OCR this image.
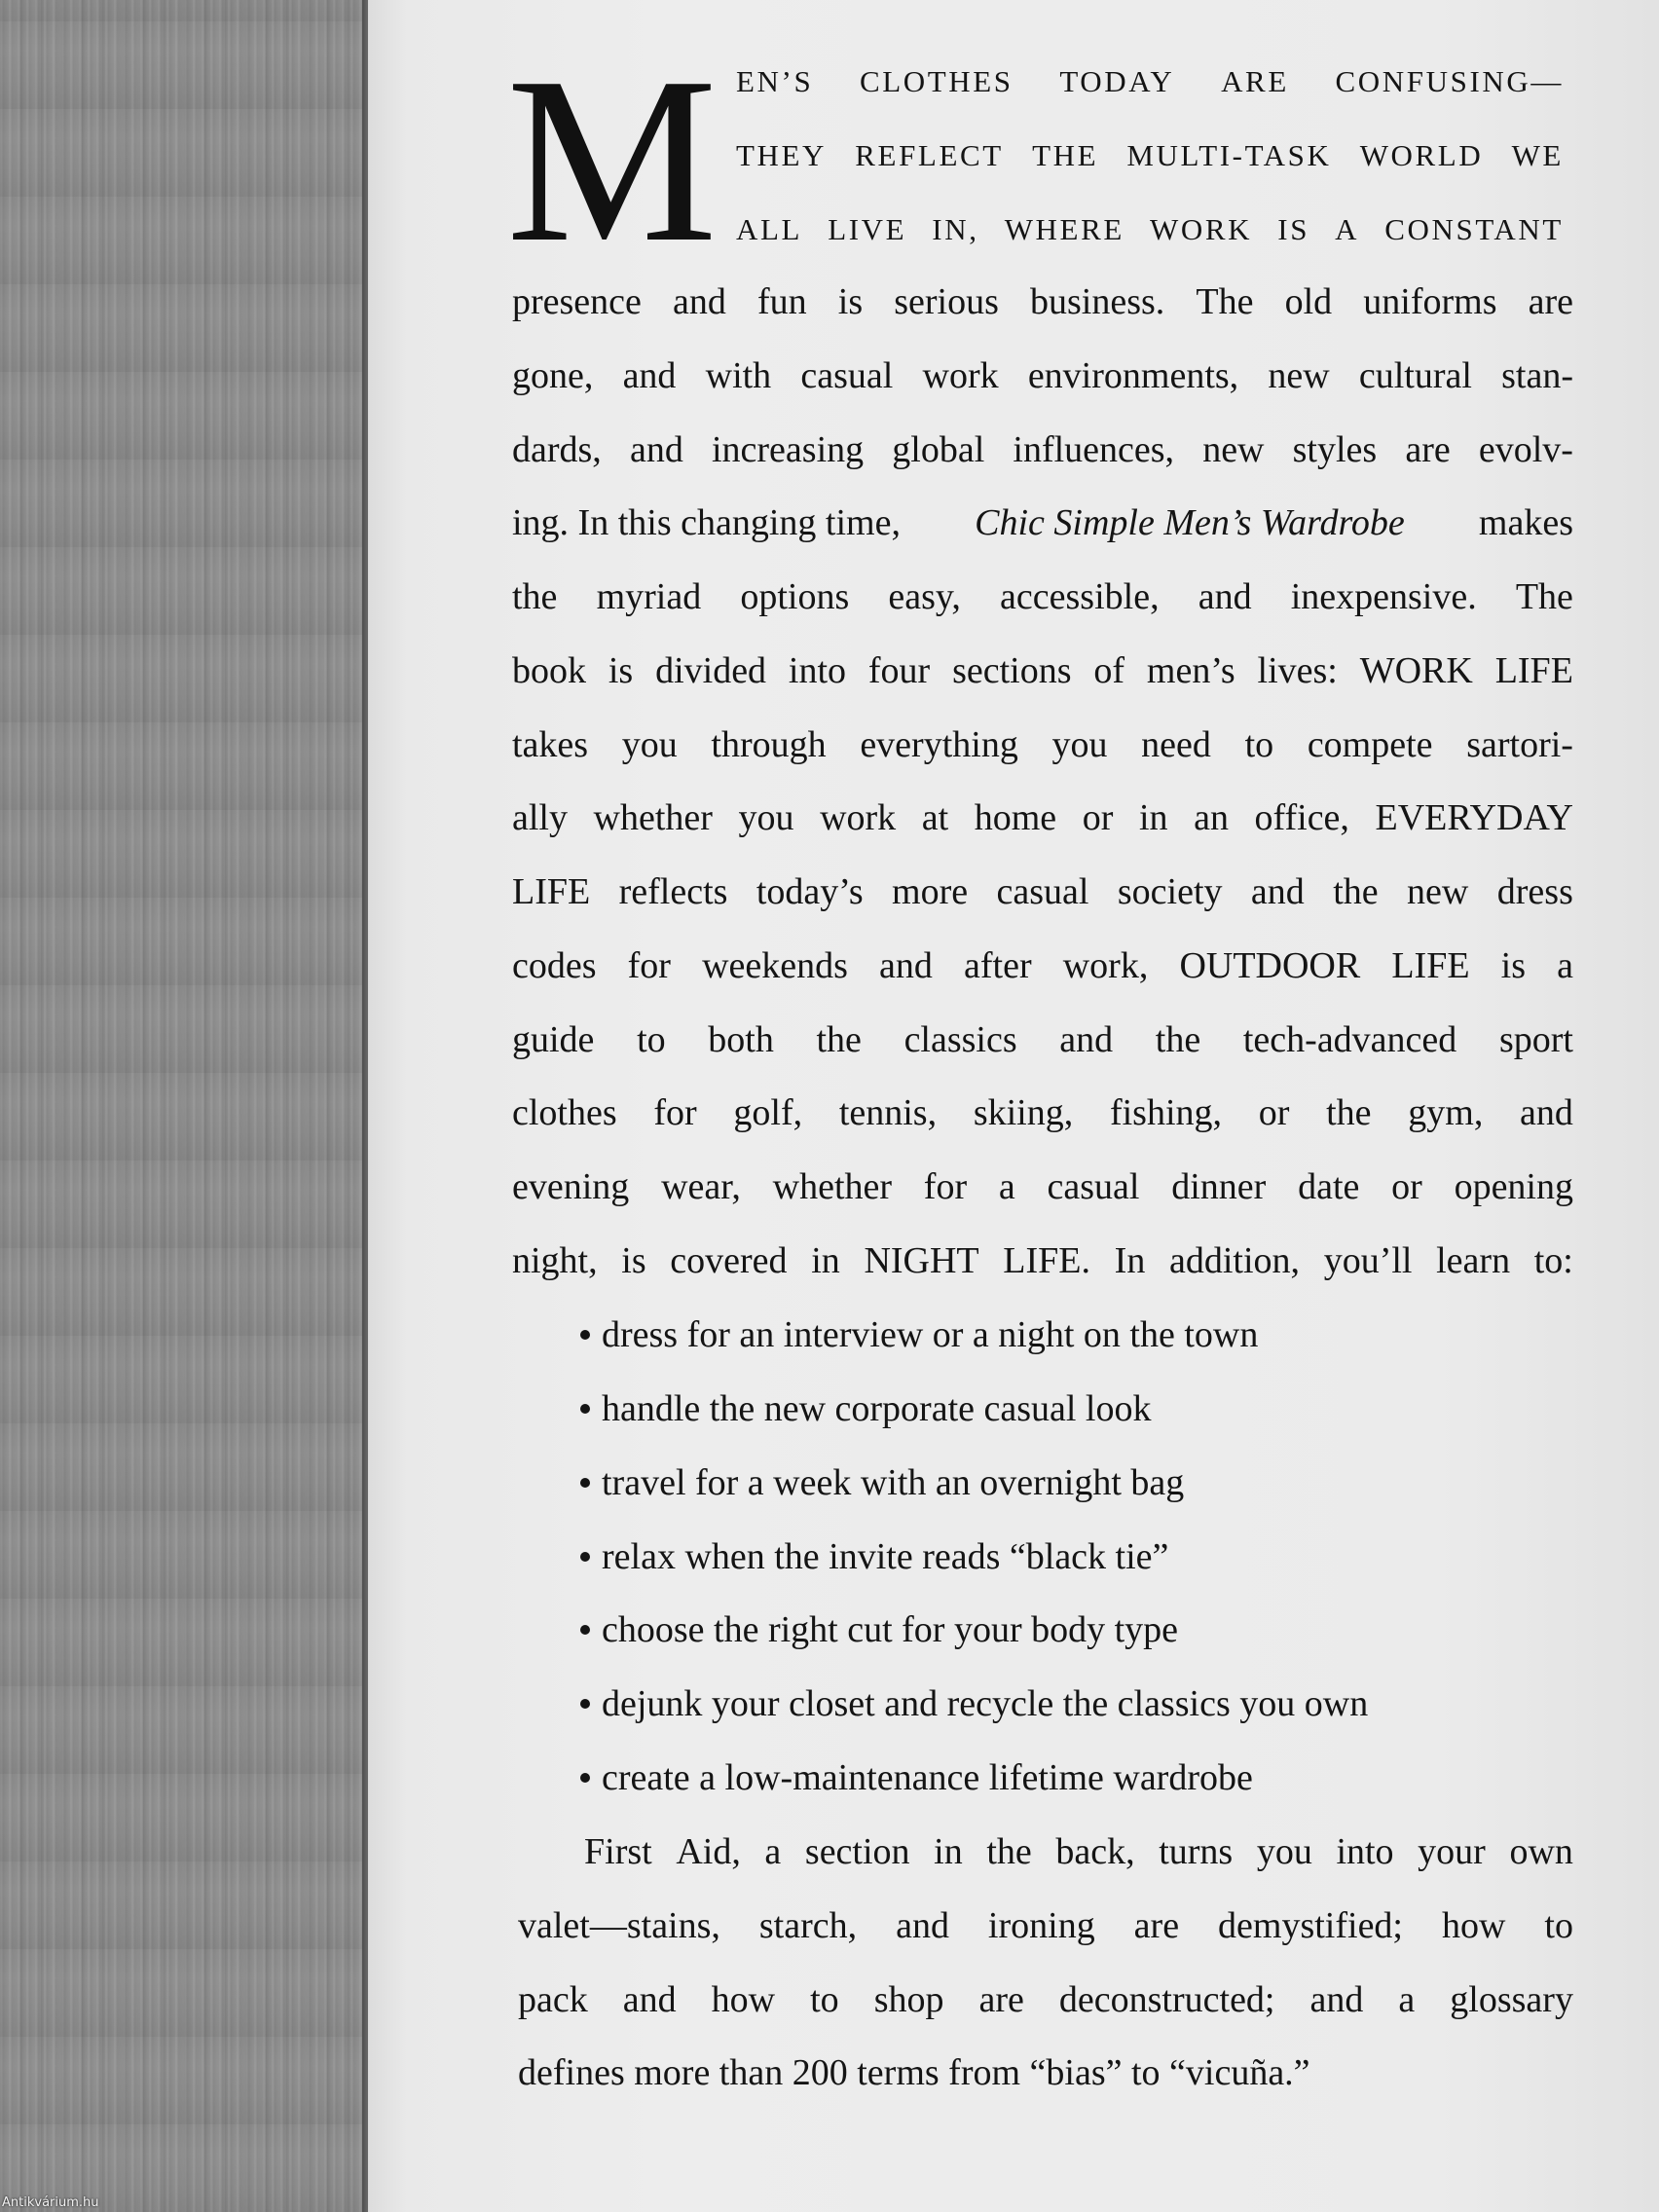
M EN’S CLOTHES TODAY ARE CONFUSING—
THEY REFLECT THE MULTI-TASK WORLD WE
ALL LIVE IN, WHERE WORK IS A CONSTANT
presence and fun is serious business. The old uniforms are
gone, and with casual work environments, new cultural stan-
dards, and increasing global influences, new styles are evolv-
ing. In this changing time, Chic Simple Men’s Wardrobe makes
the myriad options easy, accessible, and inexpensive. The
book is divided into four sections of men’s lives: WORK LIFE
takes you through everything you need to compete sartori-
ally whether you work at home or in an office, EVERYDAY
LIFE reflects today’s more casual society and the new dress
codes for weekends and after work, OUTDOOR LIFE is a
guide to both the classics and the tech-advanced sport
clothes for golf, tennis, skiing, fishing, or the gym, and
evening wear, whether for a casual dinner date or opening
night, is covered in NIGHT LIFE. In addition, you’ll learn to:
dress for an interview or a night on the town
handle the new corporate casual look
travel for a week with an overnight bag
relax when the invite reads “black tie”
choose the right cut for your body type
dejunk your closet and recycle the classics you own
create a low-maintenance lifetime wardrobe
First Aid, a section in the back, turns you into your own
valet—stains, starch, and ironing are demystified; how to
pack and how to shop are deconstructed; and a glossary
defines more than 200 terms from “bias” to “vicuña.”
Antikvárium.hu
